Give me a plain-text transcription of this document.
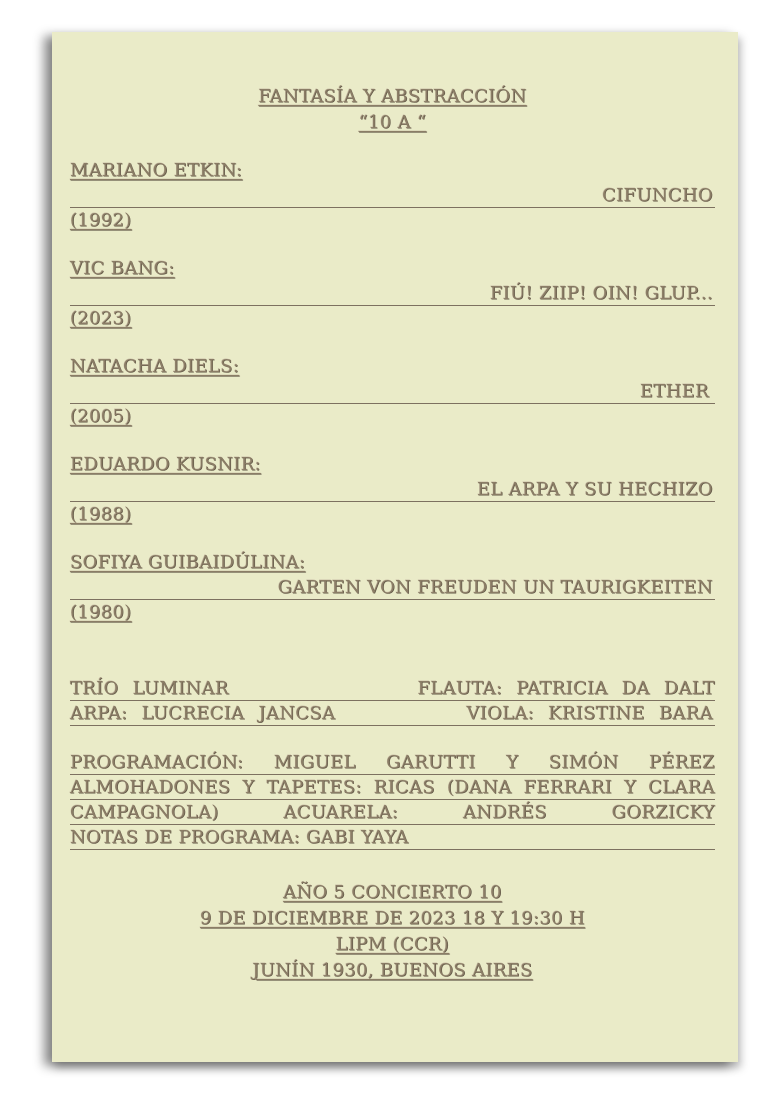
FANTASÍA Y ABSTRACCIÓN
“10 A “
MARIANO ETKIN:
CIFUNCHO
(1992)
VIC BANG:
FIÚ! ZIIP! OIN! GLUP...
(2023)
NATACHA DIELS:
ETHER
(2005)
EDUARDO KUSNIR:
EL ARPA Y SU HECHIZO
(1988)
SOFIYA GUIBAIDÚLINA:
GARTEN VON FREUDEN UN TAURIGKEITEN
(1980)
TRÍO LUMINAR	FLAUTA: PATRICIA DA DALT
ARPA: LUCRECIA JANCSA	VIOLA: KRISTINE BARA
PROGRAMACIÓN: MIGUEL GARUTTI Y SIMÓN PÉREZ
ALMOHADONES Y TAPETES: RICAS (DANA FERRARI Y CLARA
CAMPAGNOLA) ACUARELA: ANDRÉS GORZICKY
NOTAS DE PROGRAMA: GABI YAYA
AÑO 5 CONCIERTO 10
9 DE DICIEMBRE DE 2023 18 Y 19:30 H
LIPM (CCR)
JUNÍN 1930, BUENOS AIRES
